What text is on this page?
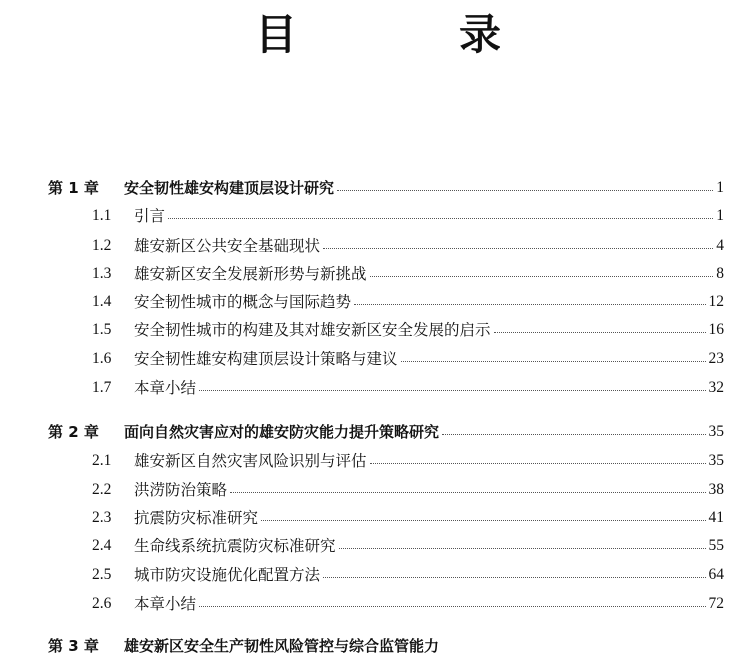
目　录
第 1 章	安全韧性雄安构建顶层设计研究	1
1.1	引言	1
1.2	雄安新区公共安全基础现状	4
1.3	雄安新区安全发展新形势与新挑战	8
1.4	安全韧性城市的概念与国际趋势	12
1.5	安全韧性城市的构建及其对雄安新区安全发展的启示	16
1.6	安全韧性雄安构建顶层设计策略与建议	23
1.7	本章小结	32
第 2 章	面向自然灾害应对的雄安防灾能力提升策略研究	35
2.1	雄安新区自然灾害风险识别与评估	35
2.2	洪涝防治策略	38
2.3	抗震防灾标准研究	41
2.4	生命线系统抗震防灾标准研究	55
2.5	城市防灾设施优化配置方法	64
2.6	本章小结	72
第 3 章	雄安新区安全生产韧性风险管控与综合监管能力
